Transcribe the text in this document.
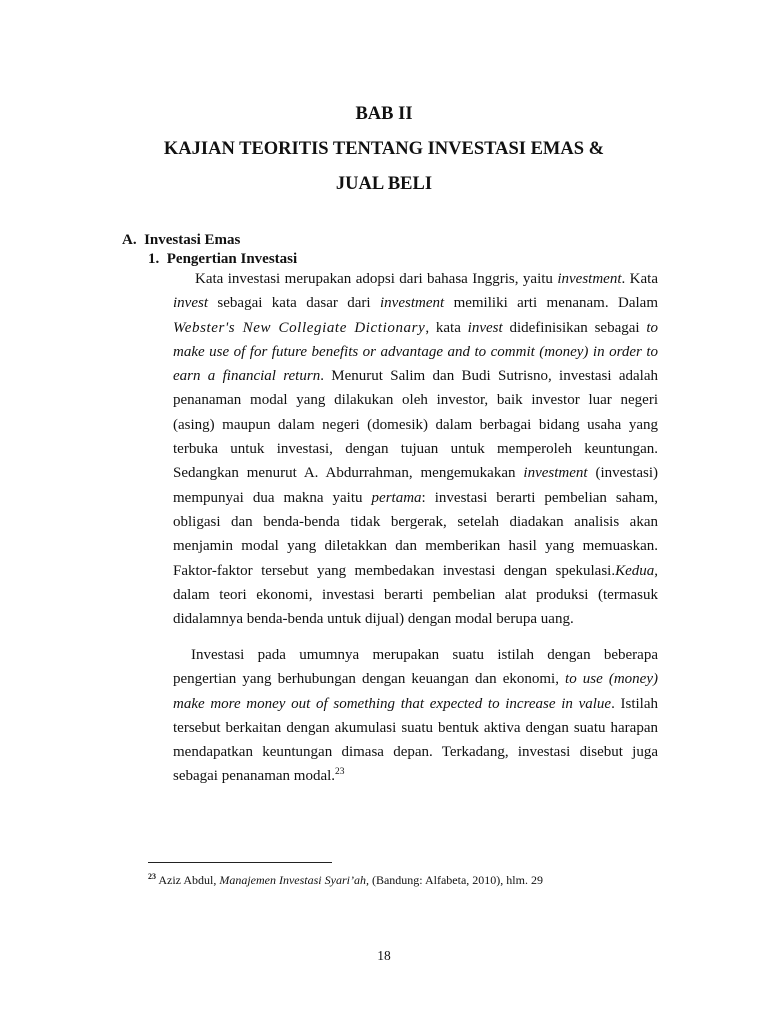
BAB II
KAJIAN TEORITIS TENTANG INVESTASI EMAS &
JUAL BELI
A.  Investasi Emas
1.  Pengertian Investasi
Kata investasi merupakan adopsi dari bahasa Inggris, yaitu investment. Kata invest sebagai kata dasar dari investment memiliki arti menanam. Dalam Webster's New Collegiate Dictionary, kata invest didefinisikan sebagai to make use of for future benefits or advantage and to commit (money) in order to earn a financial return. Menurut Salim dan Budi Sutrisno, investasi adalah penanaman modal yang dilakukan oleh investor, baik investor luar negeri (asing) maupun dalam negeri (domesik) dalam berbagai bidang usaha yang terbuka untuk investasi, dengan tujuan untuk memperoleh keuntungan. Sedangkan menurut A. Abdurrahman, mengemukakan investment (investasi) mempunyai dua makna yaitu pertama: investasi berarti pembelian saham, obligasi dan benda-benda tidak bergerak, setelah diadakan analisis akan menjamin modal yang diletakkan dan memberikan hasil yang memuaskan. Faktor-faktor tersebut yang membedakan investasi dengan spekulasi.Kedua, dalam teori ekonomi, investasi berarti pembelian alat produksi (termasuk didalamnya benda-benda untuk dijual) dengan modal berupa uang.
Investasi pada umumnya merupakan suatu istilah dengan beberapa pengertian yang berhubungan dengan keuangan dan ekonomi, to use (money) make more money out of something that expected to increase in value. Istilah tersebut berkaitan dengan akumulasi suatu bentuk aktiva dengan suatu harapan mendapatkan keuntungan dimasa depan. Terkadang, investasi disebut juga sebagai penanaman modal.$^{23}$
$^{23}$ Aziz Abdul, Manajemen Investasi Syari’ah, (Bandung: Alfabeta, 2010), hlm. 29
18
